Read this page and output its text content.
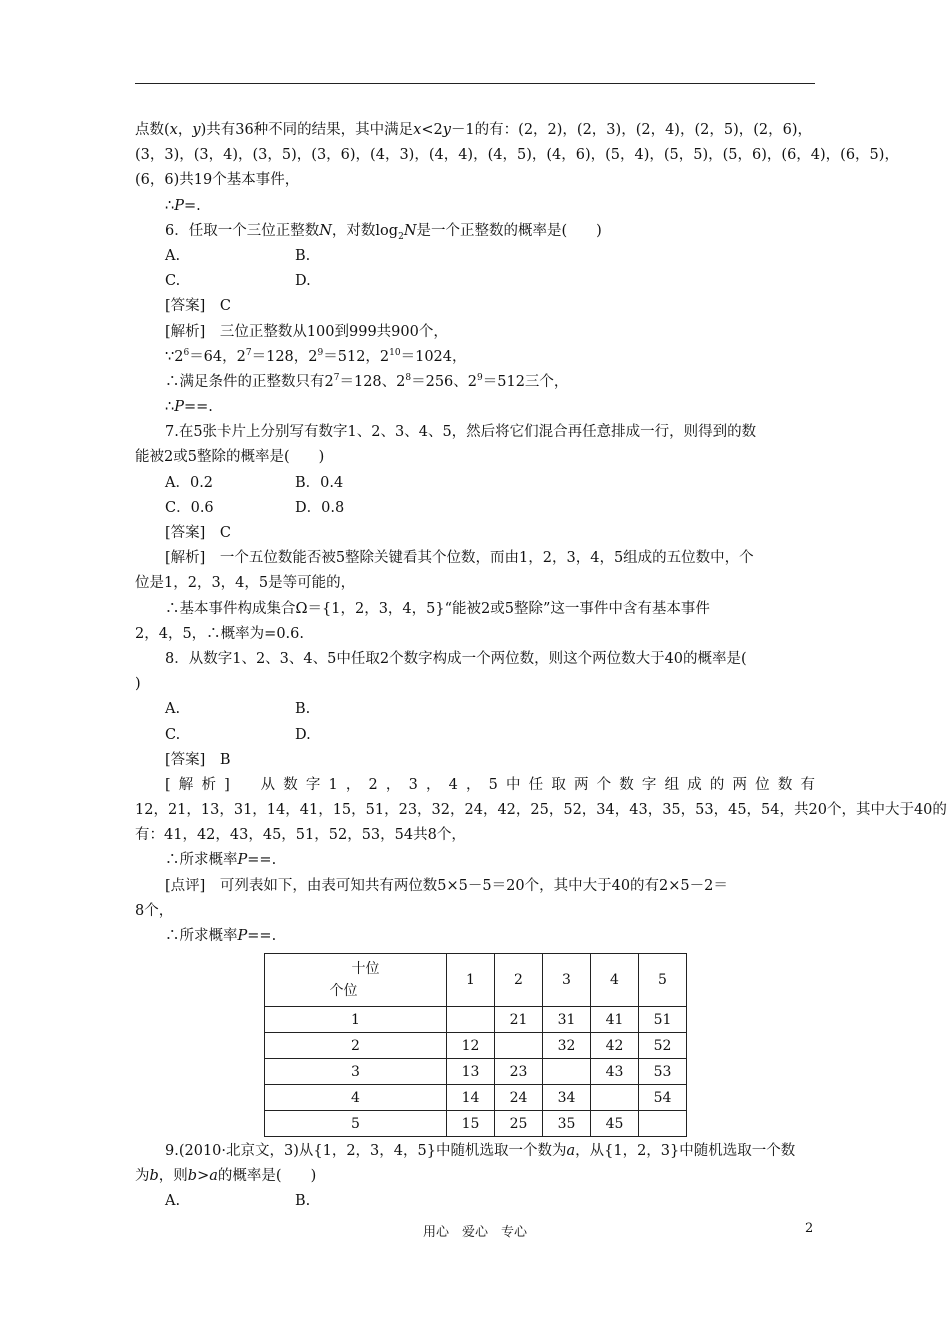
点数(x，y)共有36种不同的结果，其中满足x<2y－1的有：(2，2)，(2，3)，(2，4)，(2，5)，(2，6)，
(3，3)，(3，4)，(3，5)，(3，6)，(4，3)，(4，4)，(4，5)，(4，6)，(5，4)，(5，5)，(5，6)，(6，4)，(6，5)，
(6，6)共19个基本事件，
∴P=.
6．任取一个三位正整数N，对数$\log_2N$是一个正整数的概率是(　　)
A.	B.
C.	D.
[答案]　C
[解析]　三位正整数从100到999共900个，
$\because 2^6=64$，$2^7=128$，$2^9=512$，$2^{10}=1024$，
∴满足条件的正整数只有$2^7=128$、$2^8=256$、$2^9=512$三个，
∴P==.
7.在5张卡片上分别写有数字1、2、3、4、5，然后将它们混合再任意排成一行，则得到的数
能被2或5整除的概率是(　　)
A．0.2	B．0.4
C．0.6	D．0.8
[答案]　C
[解析]　一个五位数能否被5整除关键看其个位数，而由1，2，3，4，5组成的五位数中，个
位是1，2，3，4，5是等可能的，
∴基本事件构成集合Ω＝{1，2，3，4，5}“能被2或5整除”这一事件中含有基本事件
2，4，5，∴概率为=0.6.
8．从数字1、2、3、4、5中任取2个数字构成一个两位数，则这个两位数大于40的概率是(
)
A.	B.
C.	D.
[答案]　B
[解析]　从数字1，2，3，4，5中任取两个数字组成的两位数有
12，21，13，31，14，41，15，51，23，32，24，42，25，52，34，43，35，53，45，54，共20个，其中大于40的
有：41，42，43，45，51，52，53，54共8个，
∴所求概率P==.
[点评]　可列表如下，由表可知共有两位数5×5－5＝20个，其中大于40的有2×5－2＝
8个，
∴所求概率P==.
十位
个位	1	2	3	4	5
1		21	31	41	51
2	12		32	42	52
3	13	23		43	53
4	14	24	34		54
5	15	25	35	45	
9.(2010·北京文，3)从{1，2，3，4，5}中随机选取一个数为a，从{1，2，3}中随机选取一个数
为b，则b>a的概率是(　　)
A.	B.
用心　爱心　专心	2
